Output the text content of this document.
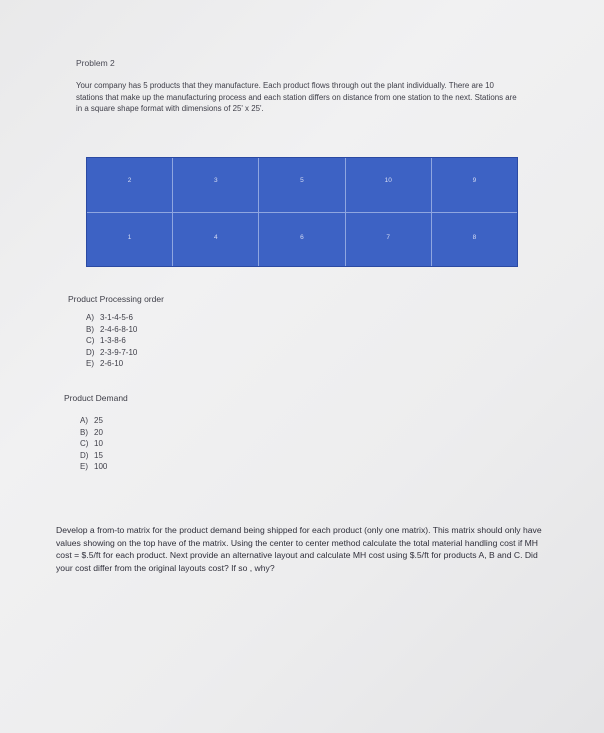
Problem 2
Your company has 5 products that they manufacture. Each product flows through out the plant individually. There are 10 stations that make up the manufacturing process and each station differs on distance from one station to the next. Stations are in a square shape format with dimensions of 25' x 25'.
2	3	5	10	9
1	4	6	7	8
Product Processing order
A) 3-1-4-5-6
B) 2-4-6-8-10
C) 1-3-8-6
D) 2-3-9-7-10
E) 2-6-10
Product Demand
A) 25
B) 20
C) 10
D) 15
E) 100
Develop a from-to matrix for the product demand being shipped for each product (only one matrix). This matrix should only have values showing on the top have of the matrix. Using the center to center method calculate the total material handling cost if MH cost = $.5/ft for each product. Next provide an alternative layout and calculate MH cost using $.5/ft for products A, B and C. Did your cost differ from the original layouts cost? If so , why?
